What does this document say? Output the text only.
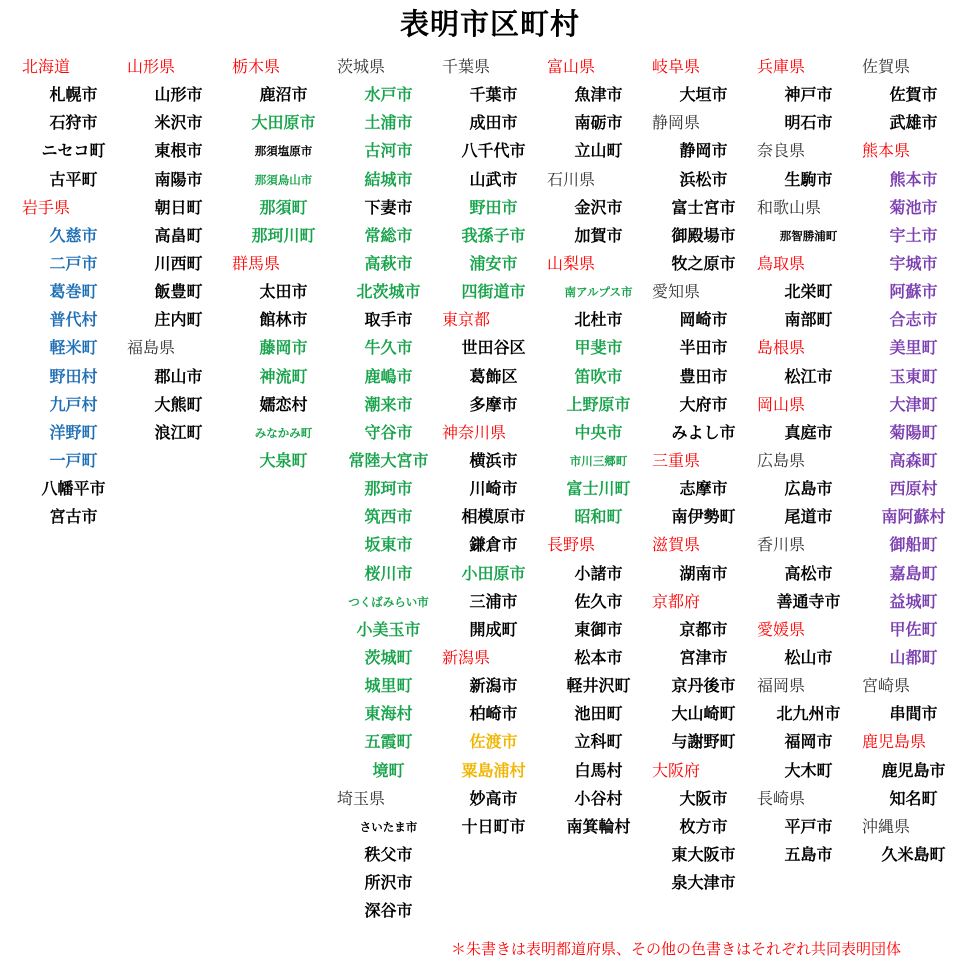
表明市区町村
北海道
札幌市
石狩市
ニセコ町
古平町
岩手県
久慈市
二戸市
葛巻町
普代村
軽米町
野田村
九戸村
洋野町
一戸町
八幡平市
宮古市
山形県
山形市
米沢市
東根市
南陽市
朝日町
高畠町
川西町
飯豊町
庄内町
福島県
郡山市
大熊町
浪江町
栃木県
鹿沼市
大田原市
那須塩原市
那須烏山市
那須町
那珂川町
群馬県
太田市
館林市
藤岡市
神流町
嬬恋村
みなかみ町
大泉町
茨城県
水戸市
土浦市
古河市
結城市
下妻市
常総市
高萩市
北茨城市
取手市
牛久市
鹿嶋市
潮来市
守谷市
常陸大宮市
那珂市
筑西市
坂東市
桜川市
つくばみらい市
小美玉市
茨城町
城里町
東海村
五霞町
境町
埼玉県
さいたま市
秩父市
所沢市
深谷市
千葉県
千葉市
成田市
八千代市
山武市
野田市
我孫子市
浦安市
四街道市
東京都
世田谷区
葛飾区
多摩市
神奈川県
横浜市
川崎市
相模原市
鎌倉市
小田原市
三浦市
開成町
新潟県
新潟市
柏崎市
佐渡市
粟島浦村
妙高市
十日町市
富山県
魚津市
南砺市
立山町
石川県
金沢市
加賀市
山梨県
南アルプス市
北杜市
甲斐市
笛吹市
上野原市
中央市
市川三郷町
富士川町
昭和町
長野県
小諸市
佐久市
東御市
松本市
軽井沢町
池田町
立科町
白馬村
小谷村
南箕輪村
岐阜県
大垣市
静岡県
静岡市
浜松市
富士宮市
御殿場市
牧之原市
愛知県
岡崎市
半田市
豊田市
大府市
みよし市
三重県
志摩市
南伊勢町
滋賀県
湖南市
京都府
京都市
宮津市
京丹後市
大山崎町
与謝野町
大阪府
大阪市
枚方市
東大阪市
泉大津市
兵庫県
神戸市
明石市
奈良県
生駒市
和歌山県
那智勝浦町
鳥取県
北栄町
南部町
島根県
松江市
岡山県
真庭市
広島県
広島市
尾道市
香川県
高松市
善通寺市
愛媛県
松山市
福岡県
北九州市
福岡市
大木町
長崎県
平戸市
五島市
佐賀県
佐賀市
武雄市
熊本県
熊本市
菊池市
宇土市
宇城市
阿蘇市
合志市
美里町
玉東町
大津町
菊陽町
高森町
西原村
南阿蘇村
御船町
嘉島町
益城町
甲佐町
山都町
宮崎県
串間市
鹿児島県
鹿児島市
知名町
沖縄県
久米島町
＊朱書きは表明都道府県、その他の色書きはそれぞれ共同表明団体
